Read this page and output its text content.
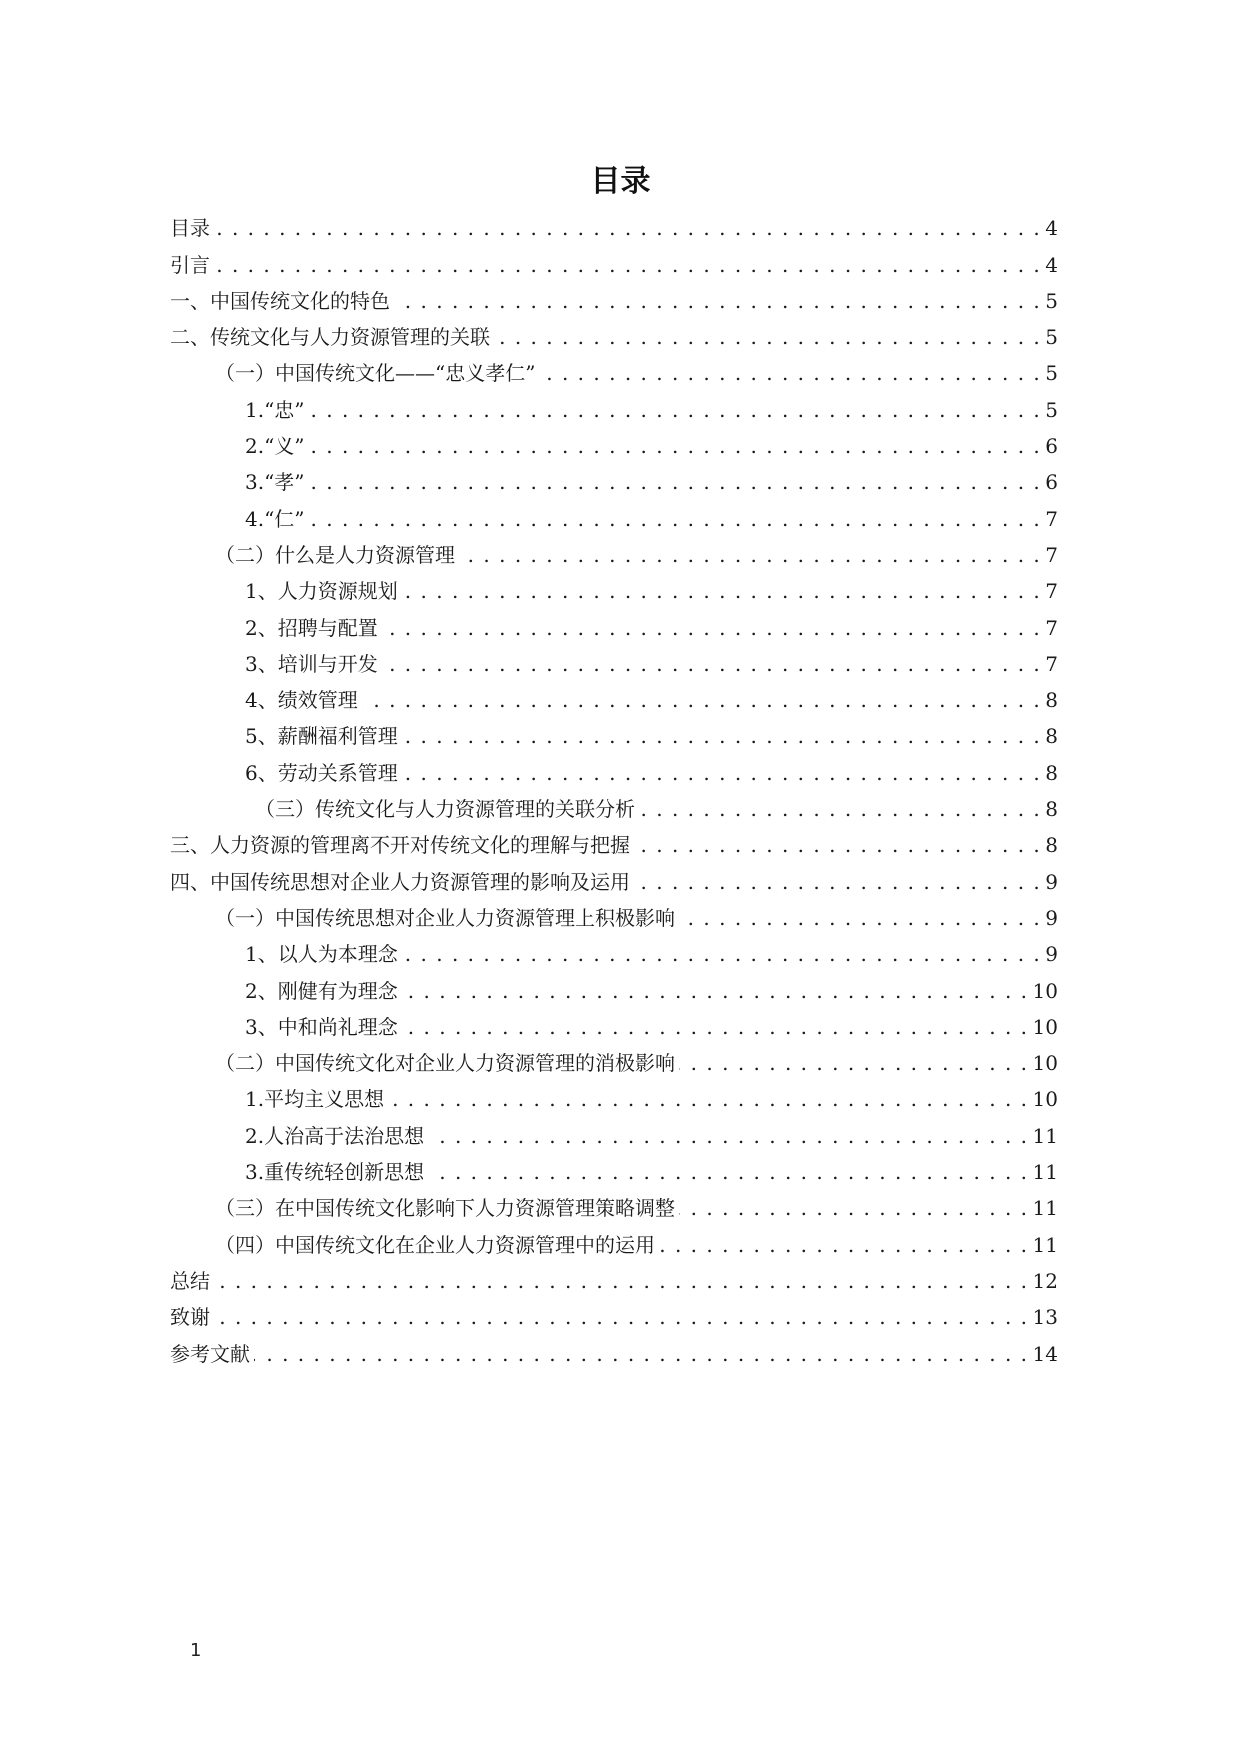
目录
目录 . . .	4
引言 . . .	4
一、中国传统文化的特色 . . .	5
二、传统文化与人力资源管理的关联 . . .	5
（一）中国传统文化——“忠义孝仁” . . .	5
1.“忠” . . .	5
2.“义” . . .	6
3.“孝” . . .	6
4.“仁” . . .	7
（二）什么是人力资源管理 . . .	7
1、人力资源规划 . . .	7
2、招聘与配置 . . .	7
3、培训与开发 . . .	7
4、绩效管理 . . .	8
5、薪酬福利管理 . . .	8
6、劳动关系管理 . . .	8
（三）传统文化与人力资源管理的关联分析 . . .	8
三、人力资源的管理离不开对传统文化的理解与把握 . . .	8
四、中国传统思想对企业人力资源管理的影响及运用 . . .	9
（一）中国传统思想对企业人力资源管理上积极影响 . . .	9
1、以人为本理念 . . .	9
2、刚健有为理念 . . .	10
3、中和尚礼理念 . . .	10
（二）中国传统文化对企业人力资源管理的消极影响 . . .	10
1.平均主义思想 . . .	10
2.人治高于法治思想 . . .	11
3.重传统轻创新思想 . . .	11
（三）在中国传统文化影响下人力资源管理策略调整 . . .	11
（四）中国传统文化在企业人力资源管理中的运用 . . .	11
总结 . . .	12
致谢 . . .	13
参考文献 . . .	14
1
